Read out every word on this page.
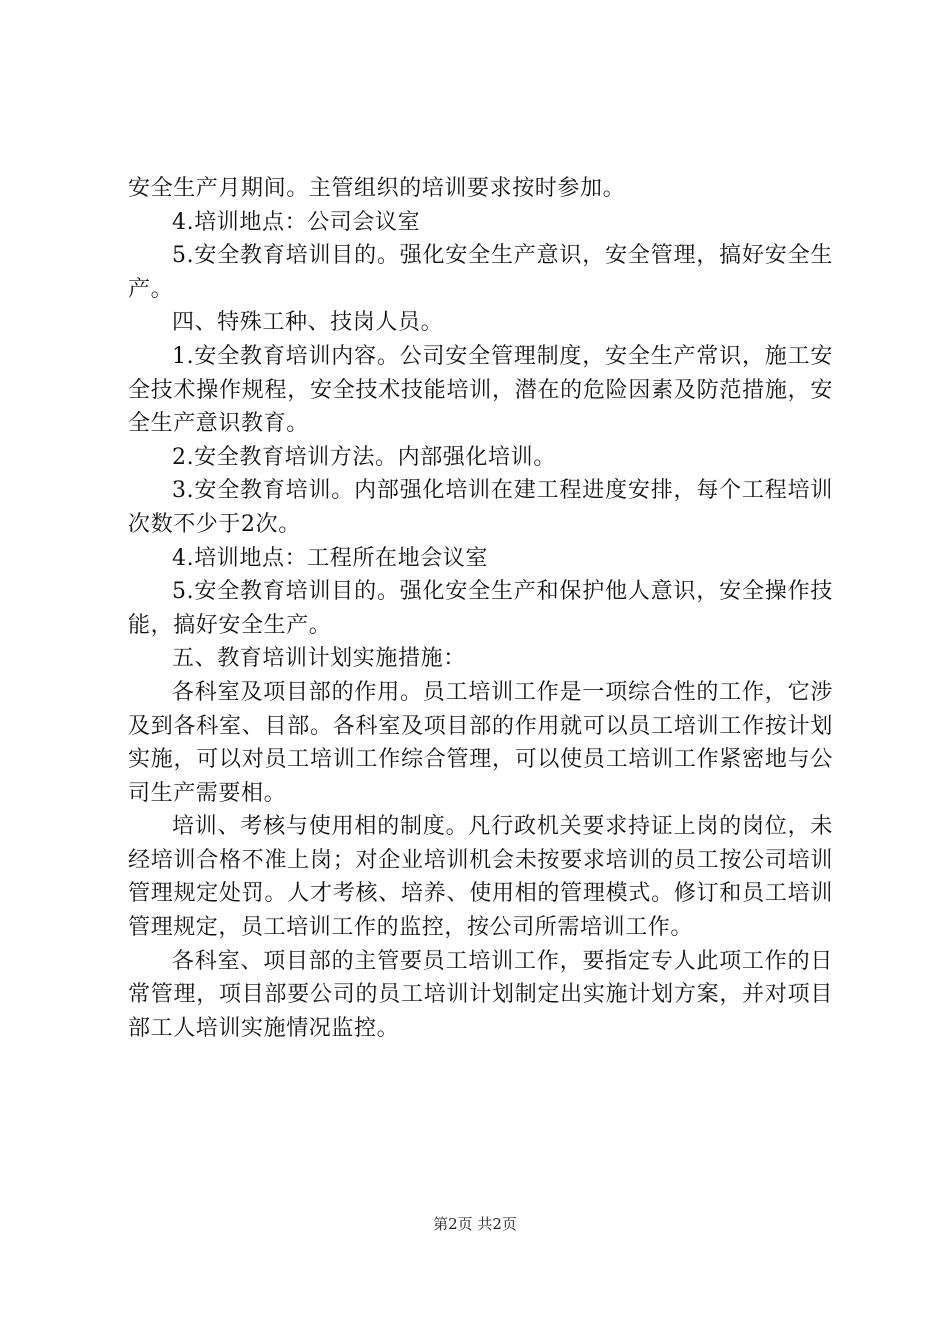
安全生产月期间。主管组织的培训要求按时参加。

4.培训地点：公司会议室

5.安全教育培训目的。强化安全生产意识，安全管理，搞好安全生产。

四、特殊工种、技岗人员。

1.安全教育培训内容。公司安全管理制度，安全生产常识，施工安全技术操作规程，安全技术技能培训，潜在的危险因素及防范措施，安全生产意识教育。

2.安全教育培训方法。内部强化培训。

3.安全教育培训。内部强化培训在建工程进度安排，每个工程培训次数不少于2次。

4.培训地点：工程所在地会议室

5.安全教育培训目的。强化安全生产和保护他人意识，安全操作技能，搞好安全生产。

五、教育培训计划实施措施：

各科室及项目部的作用。员工培训工作是一项综合性的工作，它涉及到各科室、目部。各科室及项目部的作用就可以员工培训工作按计划实施，可以对员工培训工作综合管理，可以使员工培训工作紧密地与公司生产需要相。

培训、考核与使用相的制度。凡行政机关要求持证上岗的岗位，未经培训合格不准上岗；对企业培训机会未按要求培训的员工按公司培训管理规定处罚。人才考核、培养、使用相的管理模式。修订和员工培训管理规定，员工培训工作的监控，按公司所需培训工作。

各科室、项目部的主管要员工培训工作，要指定专人此项工作的日常管理，项目部要公司的员工培训计划制定出实施计划方案，并对项目部工人培训实施情况监控。

第2页 共2页
